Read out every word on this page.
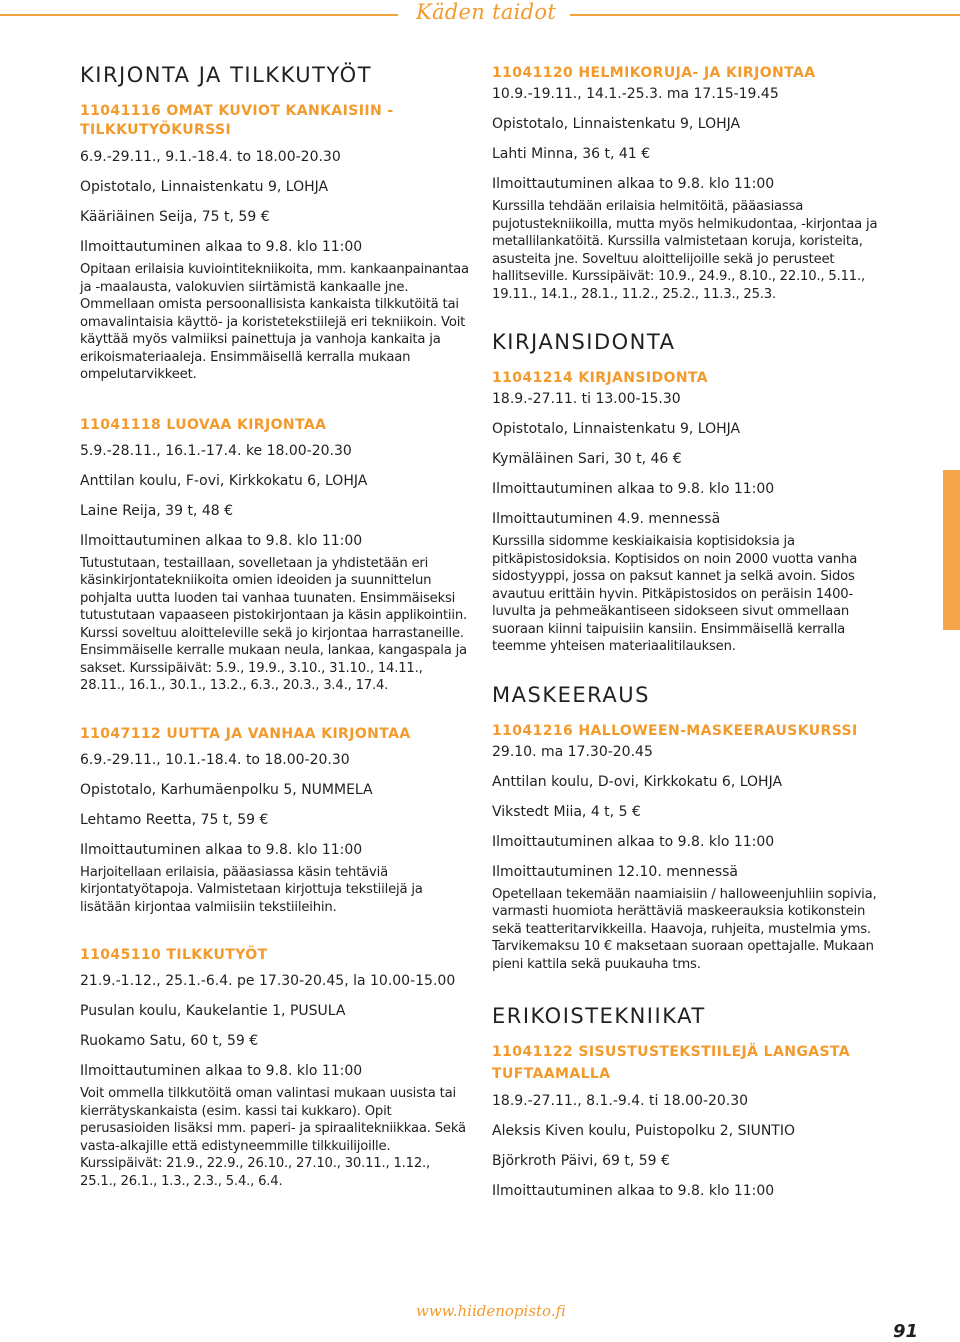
Käden taidot
KIRJONTA JA TILKKUTYÖT
11041116 OMAT KUVIOT KANKAISIIN -
TILKKUTYÖKURSSI

6.9.-29.11., 9.1.-18.4. to 18.00-20.30

Opistotalo, Linnaistenkatu 9, LOHJA

Kääriäinen Seija, 75 t, 59 €

Ilmoittautuminen alkaa to 9.8. klo 11:00

Opitaan erilaisia kuviointitekniikoita, mm. kankaanpainantaa ja -maalausta, valokuvien siirtämistä kankaalle jne. Ommellaan omista persoonallisista kankaista tilkkutöitä tai omavalintaisia käyttö- ja koristetekstiilejä eri tekniikoin. Voit käyttää myös valmiiksi painettuja ja vanhoja kankaita ja erikoismateriaaleja. Ensimmäisellä kerralla mukaan ompelutarvikkeet.

11041118 LUOVAA KIRJONTAA

5.9.-28.11., 16.1.-17.4. ke 18.00-20.30

Anttilan koulu, F-ovi, Kirkkokatu 6, LOHJA

Laine Reija, 39 t, 48 €

Ilmoittautuminen alkaa to 9.8. klo 11:00

Tutustutaan, testaillaan, sovelletaan ja yhdistetään eri käsinkirjontatekniikoita omien ideoiden ja suunnittelun pohjalta uutta luoden tai vanhaa tuunaten. Ensimmäiseksi tutustutaan vapaaseen pistokirjontaan ja käsin applikointiin. Kurssi soveltuu aloitteleville sekä jo kirjontaa harrastaneille. Ensimmäiselle kerralle mukaan neula, lankaa, kangaspala ja sakset. Kurssipäivät: 5.9., 19.9., 3.10., 31.10., 14.11., 28.11., 16.1., 30.1., 13.2., 6.3., 20.3., 3.4., 17.4.

11047112 UUTTA JA VANHAA KIRJONTAA

6.9.-29.11., 10.1.-18.4. to 18.00-20.30

Opistotalo, Karhumäenpolku 5, NUMMELA

Lehtamo Reetta, 75 t, 59 €

Ilmoittautuminen alkaa to 9.8. klo 11:00

Harjoitellaan erilaisia, pääasiassa käsin tehtäviä kirjontatyötapoja. Valmistetaan kirjottuja tekstiilejä ja lisätään kirjontaa valmiisiin tekstiileihin.

11045110 TILKKUTYÖT

21.9.-1.12., 25.1.-6.4. pe 17.30-20.45, la 10.00-15.00

Pusulan koulu, Kaukelantie 1, PUSULA

Ruokamo Satu, 60 t, 59 €

Ilmoittautuminen alkaa to 9.8. klo 11:00

Voit ommella tilkkutöitä oman valintasi mukaan uusista tai kierrätyskankaista (esim. kassi tai kukkaro). Opit perusasioiden lisäksi mm. paperi- ja spiraalitekniikkaa. Sekä vasta-alkajille että edistyneemmille tilkkuilijoille. Kurssipäivät: 21.9., 22.9., 26.10., 27.10., 30.11., 1.12., 25.1., 26.1., 1.3., 2.3., 5.4., 6.4.

11041120 HELMIKORUJA- JA KIRJONTAA

10.9.-19.11., 14.1.-25.3. ma 17.15-19.45

Opistotalo, Linnaistenkatu 9, LOHJA

Lahti Minna, 36 t, 41 €

Ilmoittautuminen alkaa to 9.8. klo 11:00

Kurssilla tehdään erilaisia helmitöitä, pääasiassa pujotustekniikoilla, mutta myös helmikudontaa, -kirjontaa ja metallilankatöitä. Kurssilla valmistetaan koruja, koristeita, asusteita jne. Soveltuu aloittelijoille sekä jo perusteet hallitseville. Kurssipäivät: 10.9., 24.9., 8.10., 22.10., 5.11., 19.11., 14.1., 28.1., 11.2., 25.2., 11.3., 25.3.

KIRJANSIDONTA
11041214 KIRJANSIDONTA

18.9.-27.11. ti 13.00-15.30

Opistotalo, Linnaistenkatu 9, LOHJA

Kymäläinen Sari, 30 t, 46 €

Ilmoittautuminen alkaa to 9.8. klo 11:00

Ilmoittautuminen 4.9. mennessä

Kurssilla sidomme keskiaikaisia koptisidoksia ja pitkäpistosidoksia. Koptisidos on noin 2000 vuotta vanha sidostyyppi, jossa on paksut kannet ja selkä avoin. Sidos avautuu erittäin hyvin. Pitkäpistosidos on peräisin 1400-luvulta ja pehmeäkantiseen sidokseen sivut ommellaan suoraan kiinni taipuisiin kansiin. Ensimmäisellä kerralla teemme yhteisen materiaalitilauksen.

MASKEERAUS
11041216 HALLOWEEN-MASKEERAUSKURSSI

29.10. ma 17.30-20.45

Anttilan koulu, D-ovi, Kirkkokatu 6, LOHJA

Vikstedt Miia, 4 t, 5 €

Ilmoittautuminen alkaa to 9.8. klo 11:00

Ilmoittautuminen 12.10. mennessä

Opetellaan tekemään naamiaisiin / halloweenjuhliin sopivia, varmasti huomiota herättäviä maskeerauksia kotikonstein sekä teatteritarvikkeilla. Haavoja, ruhjeita, mustelmia yms. Tarvikemaksu 10 € maksetaan suoraan opettajalle. Mukaan pieni kattila sekä puukauha tms.

ERIKOISTEKNIIKAT
11041122 SISUSTUSTEKSTIILEJÄ LANGASTA
TUFTAAMALLA

18.9.-27.11., 8.1.-9.4. ti 18.00-20.30

Aleksis Kiven koulu, Puistopolku 2, SIUNTIO

Björkroth Päivi, 69 t, 59 €

Ilmoittautuminen alkaa to 9.8. klo 11:00

www.hiidenopisto.fi
91
